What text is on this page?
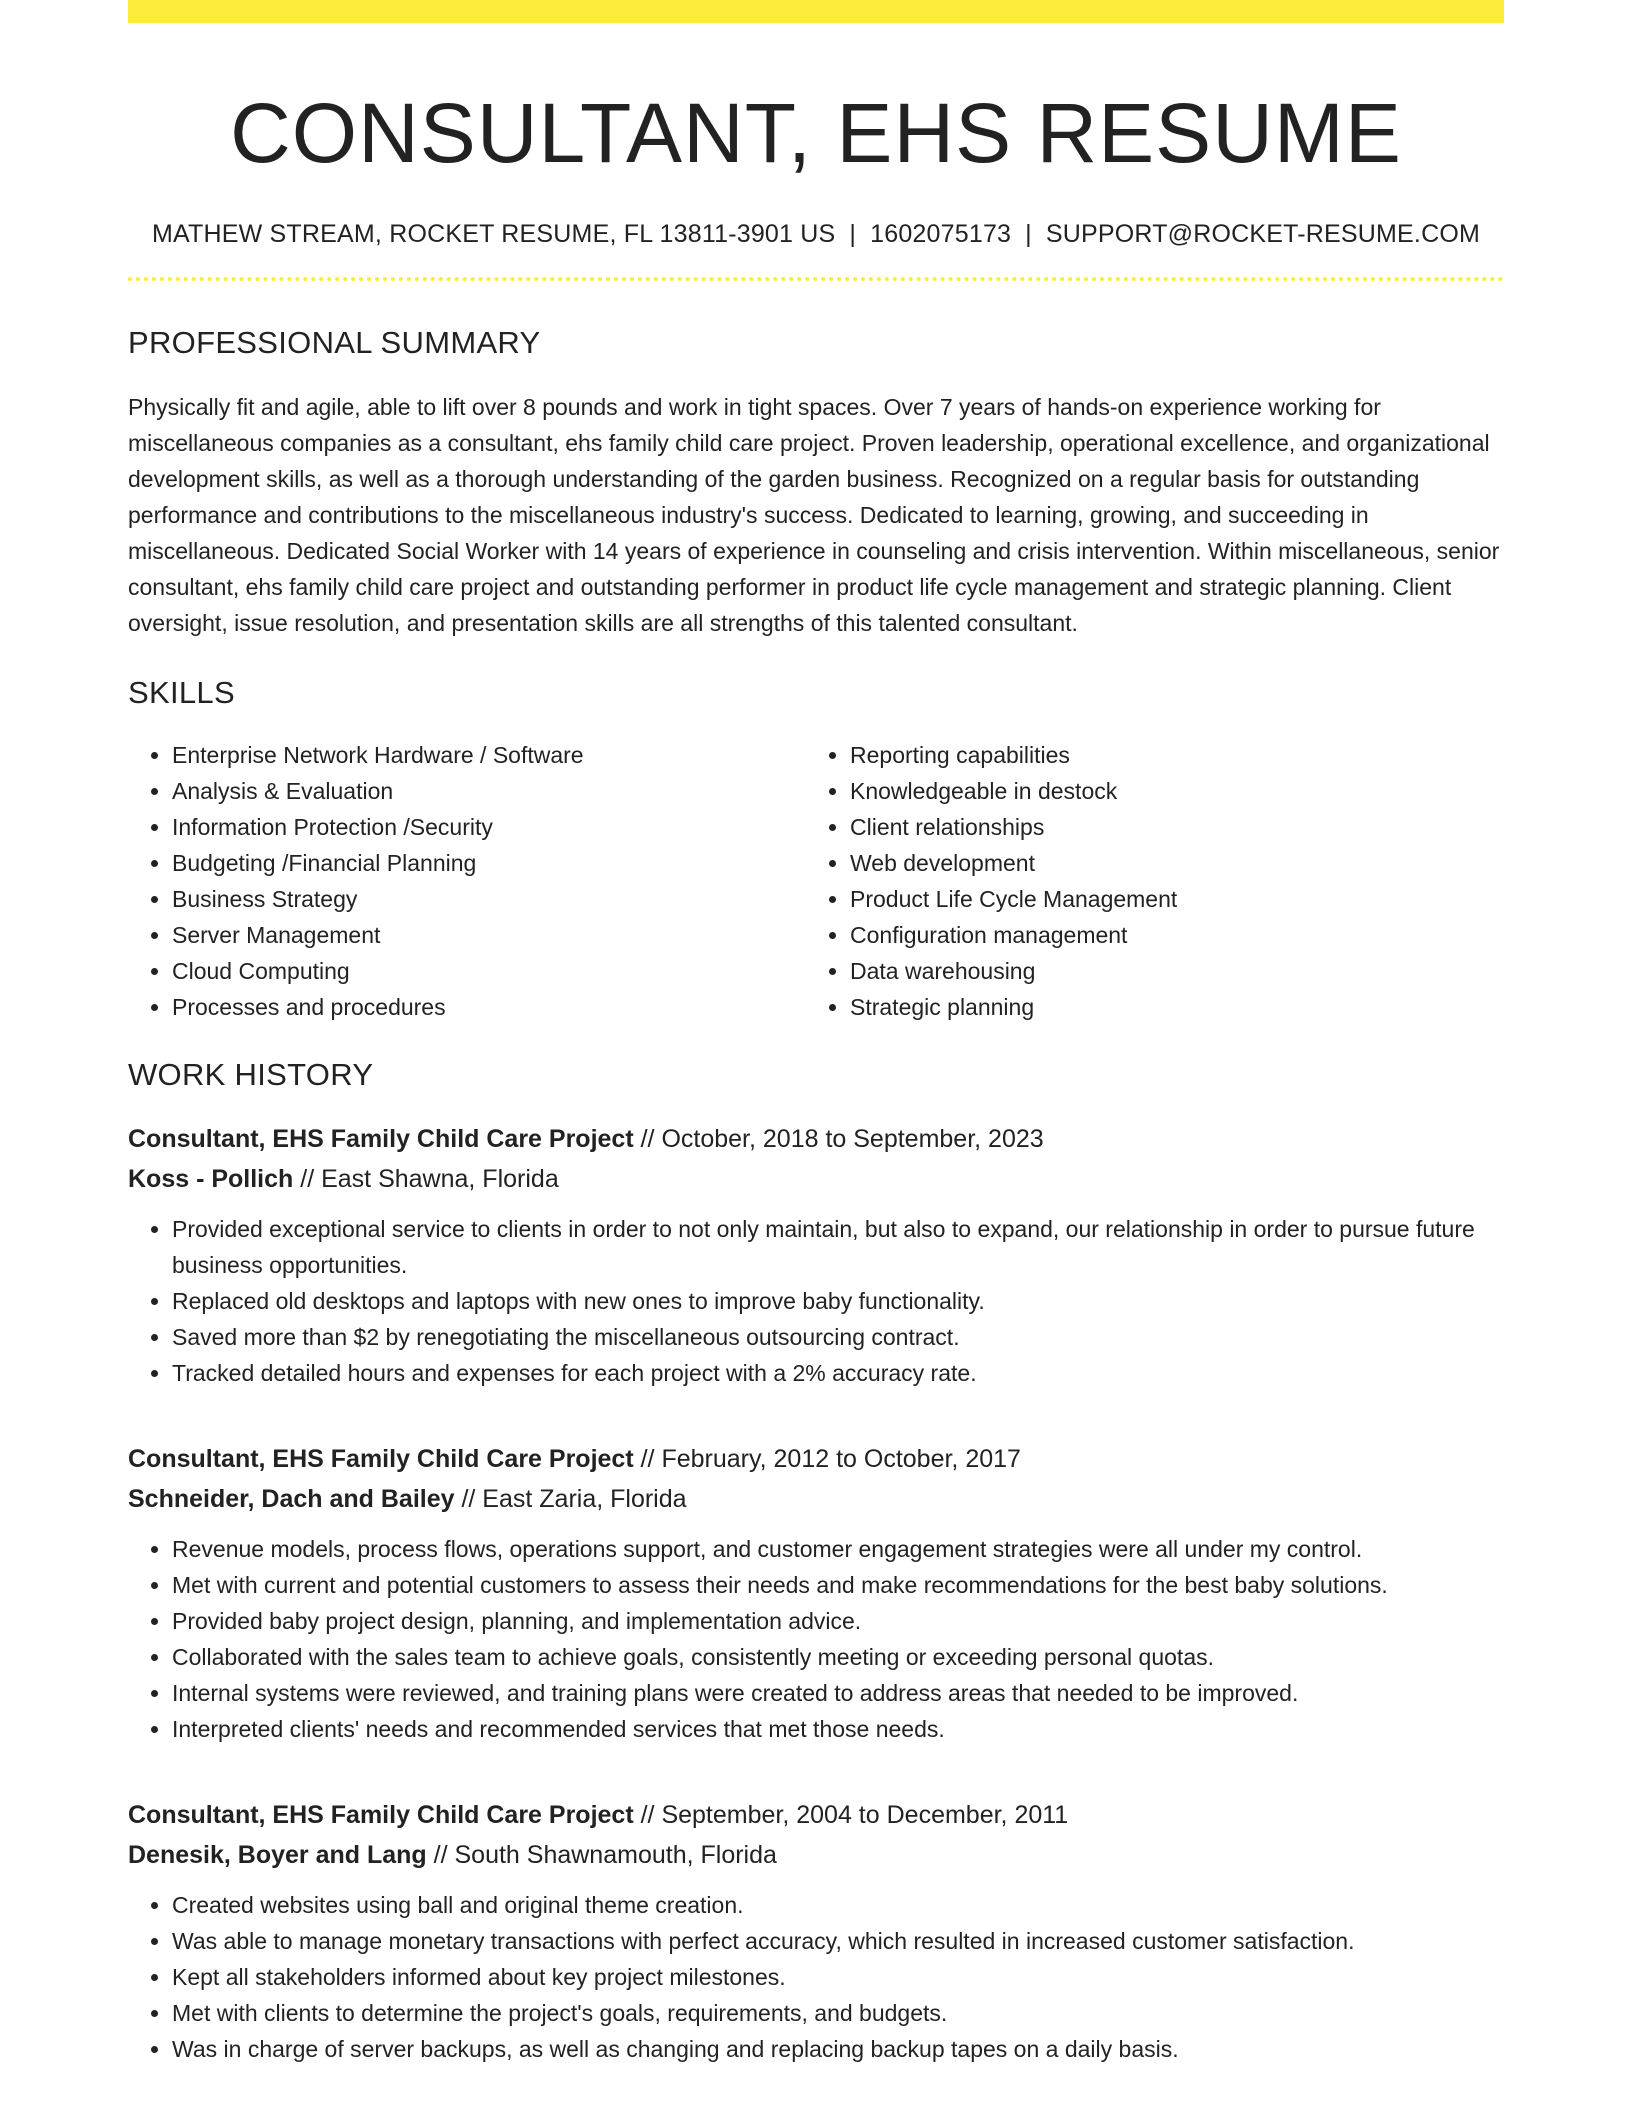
CONSULTANT, EHS RESUME
MATHEW STREAM, ROCKET RESUME, FL 13811-3901 US | 1602075173 | SUPPORT@ROCKET-RESUME.COM
PROFESSIONAL SUMMARY

Physically fit and agile, able to lift over 8 pounds and work in tight spaces. Over 7 years of hands-on experience working for miscellaneous companies as a consultant, ehs family child care project. Proven leadership, operational excellence, and organizational development skills, as well as a thorough understanding of the garden business. Recognized on a regular basis for outstanding performance and contributions to the miscellaneous industry's success. Dedicated to learning, growing, and succeeding in miscellaneous. Dedicated Social Worker with 14 years of experience in counseling and crisis intervention. Within miscellaneous, senior consultant, ehs family child care project and outstanding performer in product life cycle management and strategic planning. Client oversight, issue resolution, and presentation skills are all strengths of this talented consultant.

SKILLS
• Enterprise Network Hardware / Software
• Analysis & Evaluation
• Information Protection /Security
• Budgeting /Financial Planning
• Business Strategy
• Server Management
• Cloud Computing
• Processes and procedures
• Reporting capabilities
• Knowledgeable in destock
• Client relationships
• Web development
• Product Life Cycle Management
• Configuration management
• Data warehousing
• Strategic planning
WORK HISTORY
Consultant, EHS Family Child Care Project // October, 2018 to September, 2023
Koss - Pollich // East Shawna, Florida
• Provided exceptional service to clients in order to not only maintain, but also to expand, our relationship in order to pursue future business opportunities.
• Replaced old desktops and laptops with new ones to improve baby functionality.
• Saved more than $2 by renegotiating the miscellaneous outsourcing contract.
• Tracked detailed hours and expenses for each project with a 2% accuracy rate.
Consultant, EHS Family Child Care Project // February, 2012 to October, 2017
Schneider, Dach and Bailey // East Zaria, Florida
• Revenue models, process flows, operations support, and customer engagement strategies were all under my control.
• Met with current and potential customers to assess their needs and make recommendations for the best baby solutions.
• Provided baby project design, planning, and implementation advice.
• Collaborated with the sales team to achieve goals, consistently meeting or exceeding personal quotas.
• Internal systems were reviewed, and training plans were created to address areas that needed to be improved.
• Interpreted clients' needs and recommended services that met those needs.
Consultant, EHS Family Child Care Project // September, 2004 to December, 2011
Denesik, Boyer and Lang // South Shawnamouth, Florida
• Created websites using ball and original theme creation.
• Was able to manage monetary transactions with perfect accuracy, which resulted in increased customer satisfaction.
• Kept all stakeholders informed about key project milestones.
• Met with clients to determine the project's goals, requirements, and budgets.
• Was in charge of server backups, as well as changing and replacing backup tapes on a daily basis.
